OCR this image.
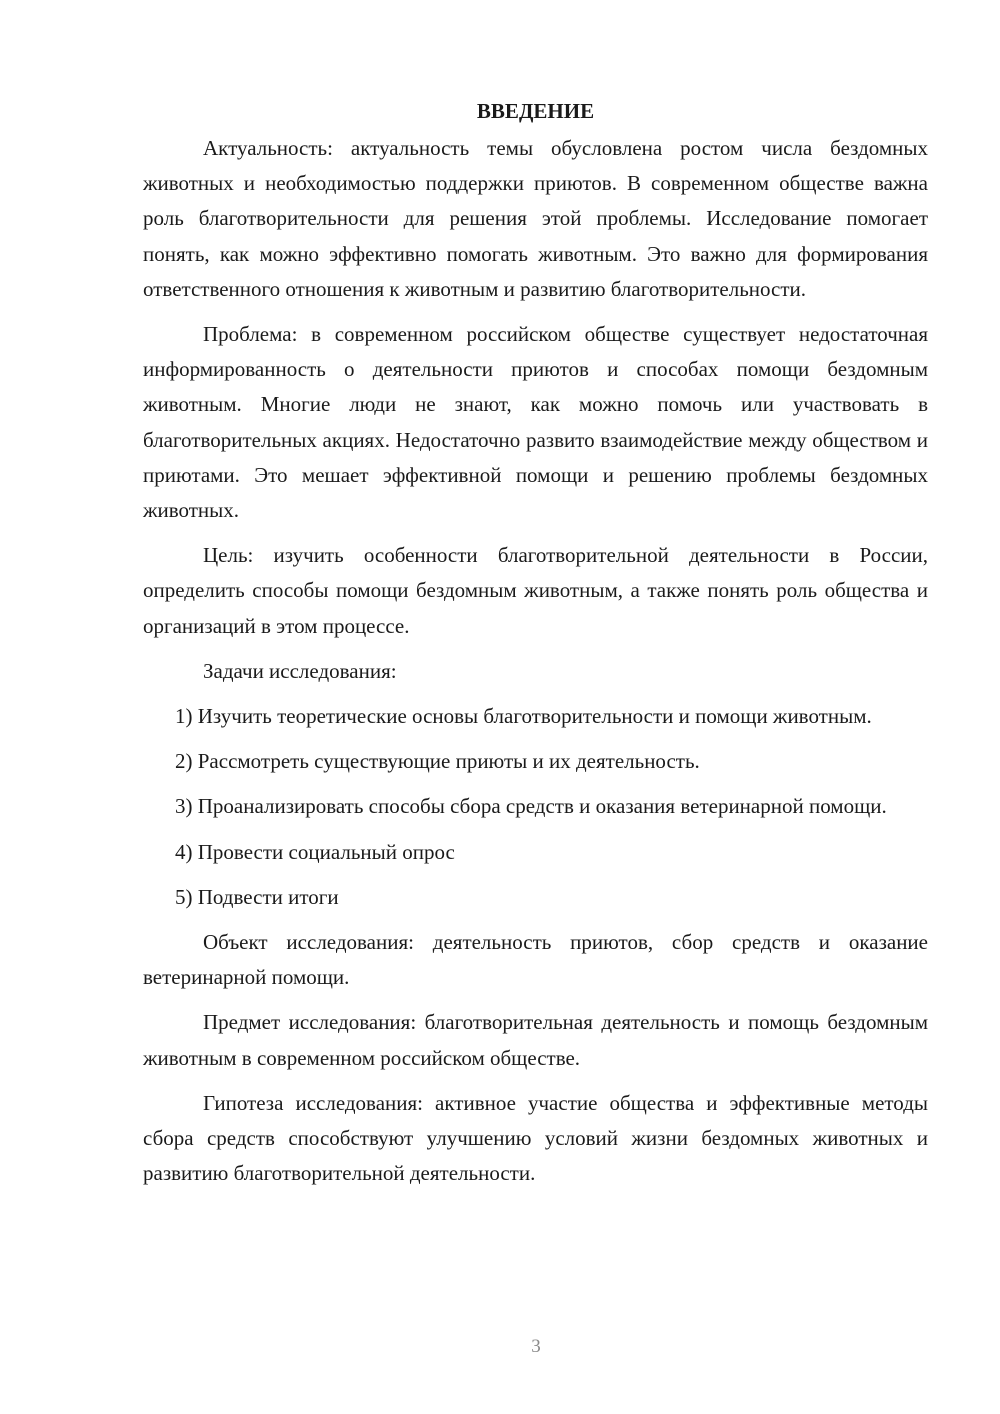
ВВЕДЕНИЕ

Актуальность: актуальность темы обусловлена ростом числа бездомных животных и необходимостью поддержки приютов. В современном обществе важна роль благотворительности для решения этой проблемы. Исследование помогает понять, как можно эффективно помогать животным. Это важно для формирования ответственного отношения к животным и развитию благотворительности.

Проблема: в современном российском обществе существует недостаточная информированность о деятельности приютов и способах помощи бездомным животным. Многие люди не знают, как можно помочь или участвовать в благотворительных акциях. Недостаточно развито взаимодействие между обществом и приютами. Это мешает эффективной помощи и решению проблемы бездомных животных.

Цель: изучить особенности благотворительной деятельности в России, определить способы помощи бездомным животным, а также понять роль общества и организаций в этом процессе.

Задачи исследования:

1) Изучить теоретические основы благотворительности и помощи животным.

2) Рассмотреть существующие приюты и их деятельность.

3) Проанализировать способы сбора средств и оказания ветеринарной помощи.

4) Провести социальный опрос

5) Подвести итоги

Объект исследования: деятельность приютов, сбор средств и оказание ветеринарной помощи.

Предмет исследования: благотворительная деятельность и помощь бездомным животным в современном российском обществе.

Гипотеза исследования: активное участие общества и эффективные методы сбора средств способствуют улучшению условий жизни бездомных животных и развитию благотворительной деятельности.

3
